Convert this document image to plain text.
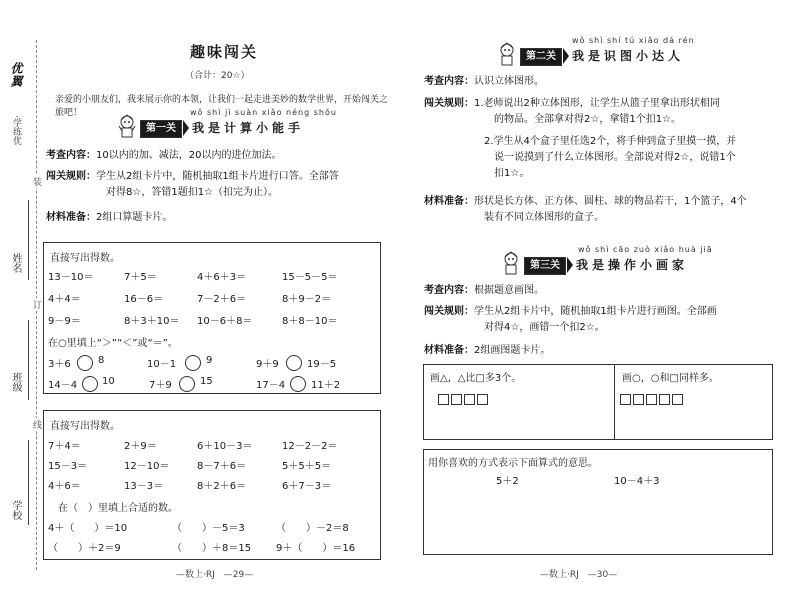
优翼
·学练优
装
订
线
姓名
班级
学校
趣味闯关
（合计：20☆）
亲爱的小朋友们，我来展示你的本领，让我们一起走进美妙的数学世界，开始闯关之旅吧！	wǒ shì jì suàn xiǎo néng shǒu
第一关	我是计算小能手
考查内容：10以内的加、减法，20以内的进位加法。
闯关规则：学生从2组卡片中，随机抽取1组卡片进行口答。全部答
对得8☆，答错1题扣1☆（扣完为止）。
材料准备：2组口算题卡片。
直接写出得数。
13－10＝	7＋5＝	4＋6＋3＝	15－5－5＝
4＋4＝	16－6＝	7－2＋6＝	8＋9－2＝
9－9＝	8＋3＋10＝ 10－6＋8＝	8＋8－10＝
在○里填上“＞”“＜”或“＝”。
3＋6	8	10－1	9	9＋9	19－5
14－4 10	7＋9	15	17－4	11＋2
直接写出得数。
7＋4＝	2＋9＝	6＋10－3＝	12－2－2＝
15－3＝	12－10＝	8－7＋6＝	5＋5＋5＝
4＋6＝	13－3＝	8＋2＋6＝	6＋7－3＝
在（　）里填上合适的数。
4＋（　　）＝10	（　　）－5＝3	（　　）－2＝8
（　　）＋2＝9	（　　）＋8＝15 9＋（　　）＝16
—数上·RJ　—29—
wǒ shì shí tú xiǎo dá rén
第二关	我是识图小达人
考查内容：认识立体图形。
闯关规则：1.老师说出2种立体图形，让学生从篮子里拿出形状相同
的物品。全部拿对得2☆，拿错1个扣1☆。

2.学生从4个盒子里任选2个，将手伸到盒子里摸一摸，并
说一说摸到了什么立体图形。全部说对得2☆，说错1个
扣1☆。
材料准备：形状是长方体、正方体、圆柱、球的物品若干，1个篮子，4个
装有不同立体图形的盒子。
wǒ shì cāo zuò xiǎo huà jiā
第三关	我是操作小画家
考查内容：根据题意画图。
闯关规则：学生从2组卡片中，随机抽取1组卡片进行画图。全部画
对得4☆，画错一个扣2☆。
材料准备：2组画图题卡片。
画△，△比□多3个。	画○，○和□同样多。
用你喜欢的方式表示下面算式的意思。
5＋2	10－4＋3
—数上·RJ　—30—
